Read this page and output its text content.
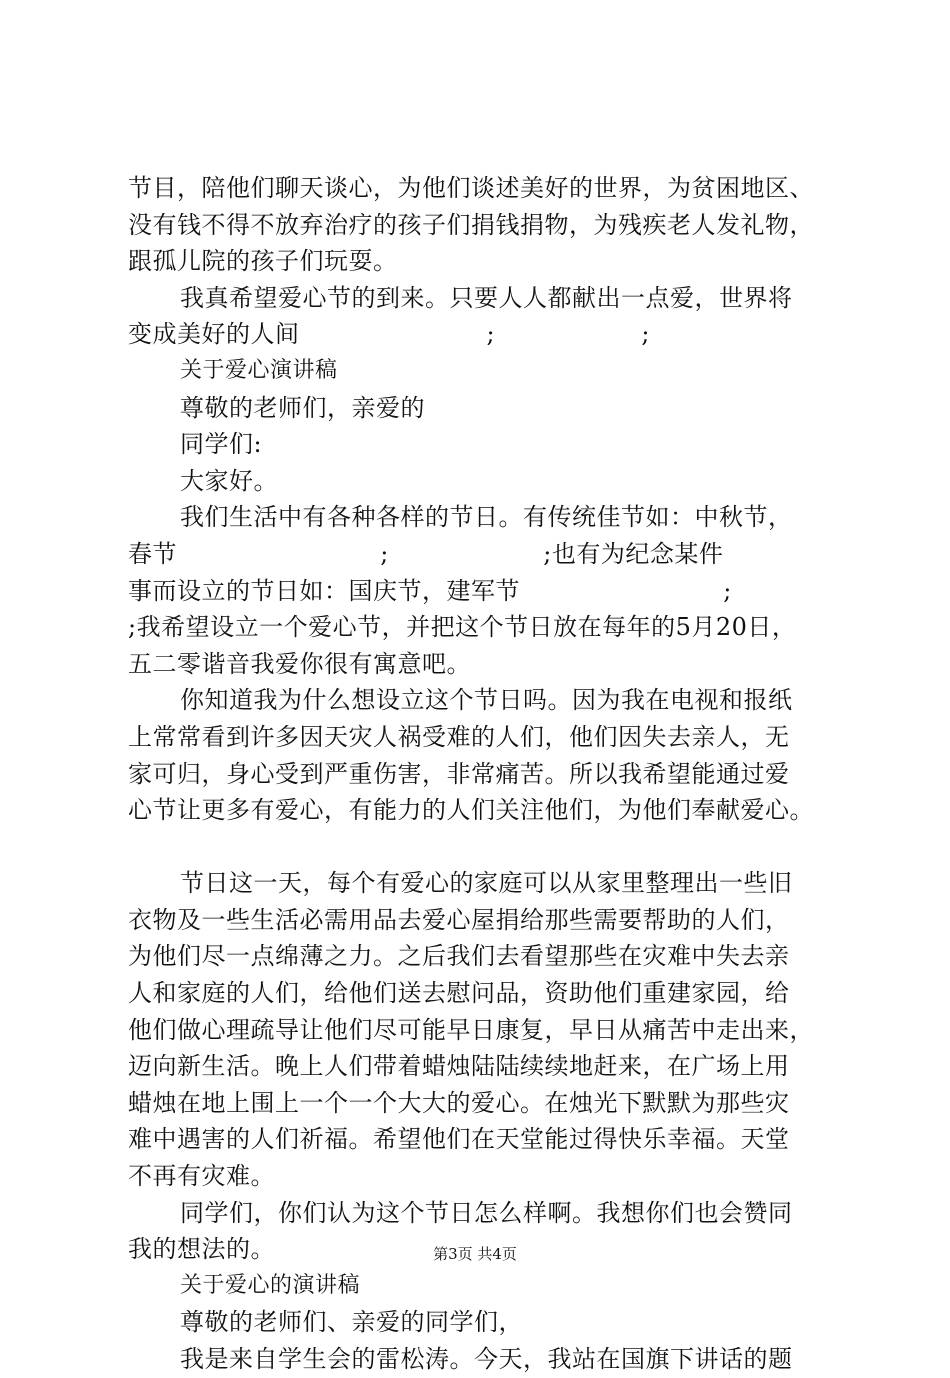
节目，陪他们聊天谈心，为他们谈述美好的世界，为贫困地区、
没有钱不得不放弃治疗的孩子们捐钱捐物，为残疾老人发礼物，
跟孤儿院的孩子们玩耍。
我真希望爱心节的到来。只要人人都献出一点爱，世界将
变成美好的人间                       ;                  ;
关于爱心演讲稿
尊敬的老师们，亲爱的
同学们:
大家好。
我们生活中有各种各样的节日。有传统佳节如：中秋节，
春节                         ;                   ;也有为纪念某件
事而设立的节日如：国庆节，建军节                         ;
;我希望设立一个爱心节，并把这个节日放在每年的5月20日，
五二零谐音我爱你很有寓意吧。
你知道我为什么想设立这个节日吗。因为我在电视和报纸
上常常看到许多因天灾人祸受难的人们，他们因失去亲人，无
家可归，身心受到严重伤害，非常痛苦。所以我希望能通过爱
心节让更多有爱心，有能力的人们关注他们，为他们奉献爱心。
节日这一天，每个有爱心的家庭可以从家里整理出一些旧
衣物及一些生活必需用品去爱心屋捐给那些需要帮助的人们，
为他们尽一点绵薄之力。之后我们去看望那些在灾难中失去亲
人和家庭的人们，给他们送去慰问品，资助他们重建家园，给
他们做心理疏导让他们尽可能早日康复，早日从痛苦中走出来，
迈向新生活。晚上人们带着蜡烛陆陆续续地赶来，在广场上用
蜡烛在地上围上一个一个大大的爱心。在烛光下默默为那些灾
难中遇害的人们祈福。希望他们在天堂能过得快乐幸福。天堂
不再有灾难。
同学们，你们认为这个节日怎么样啊。我想你们也会赞同
我的想法的。
关于爱心的演讲稿
尊敬的老师们、亲爱的同学们，
我是来自学生会的雷松涛。今天，我站在国旗下讲话的题
第3页 共4页
